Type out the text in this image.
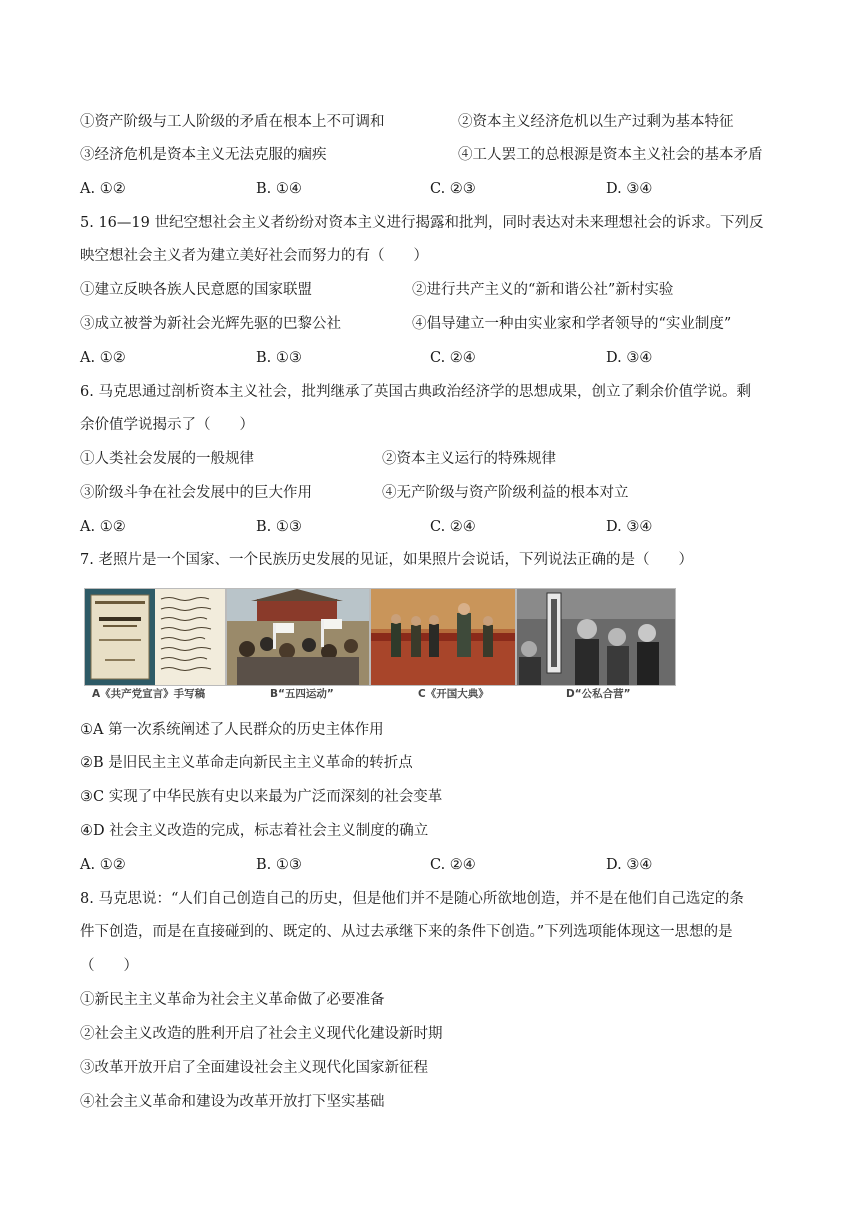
①资产阶级与工人阶级的矛盾在根本上不可调和	②资本主义经济危机以生产过剩为基本特征
③经济危机是资本主义无法克服的痼疾	④工人罢工的总根源是资本主义社会的基本矛盾
A. ①②	B. ①④	C. ②③	D. ③④
5. 16—19 世纪空想社会主义者纷纷对资本主义进行揭露和批判，同时表达对未来理想社会的诉求。下列反
映空想社会主义者为建立美好社会而努力的有（　　）
①建立反映各族人民意愿的国家联盟	②进行共产主义的“新和谐公社”新村实验
③成立被誉为新社会光辉先驱的巴黎公社	④倡导建立一种由实业家和学者领导的“实业制度”
A. ①②	B. ①③	C. ②④	D. ③④
6. 马克思通过剖析资本主义社会，批判继承了英国古典政治经济学的思想成果，创立了剩余价值学说。剩
余价值学说揭示了（　　）
①人类社会发展的一般规律	②资本主义运行的特殊规律
③阶级斗争在社会发展中的巨大作用	④无产阶级与资产阶级利益的根本对立
A. ①②	B. ①③	C. ②④	D. ③④
7. 老照片是一个国家、一个民族历史发展的见证，如果照片会说话，下列说法正确的是（　　）
A《共产党宣言》手写稿	B“五四运动”	C《开国大典》	D“公私合营”
①A 第一次系统阐述了人民群众的历史主体作用
②B 是旧民主主义革命走向新民主主义革命的转折点
③C 实现了中华民族有史以来最为广泛而深刻的社会变革
④D 社会主义改造的完成，标志着社会主义制度的确立
A. ①②	B. ①③	C. ②④	D. ③④
8. 马克思说：“人们自己创造自己的历史，但是他们并不是随心所欲地创造，并不是在他们自己选定的条
件下创造，而是在直接碰到的、既定的、从过去承继下来的条件下创造。”下列选项能体现这一思想的是
（　　）
①新民主主义革命为社会主义革命做了必要准备
②社会主义改造的胜利开启了社会主义现代化建设新时期
③改革开放开启了全面建设社会主义现代化国家新征程
④社会主义革命和建设为改革开放打下坚实基础
